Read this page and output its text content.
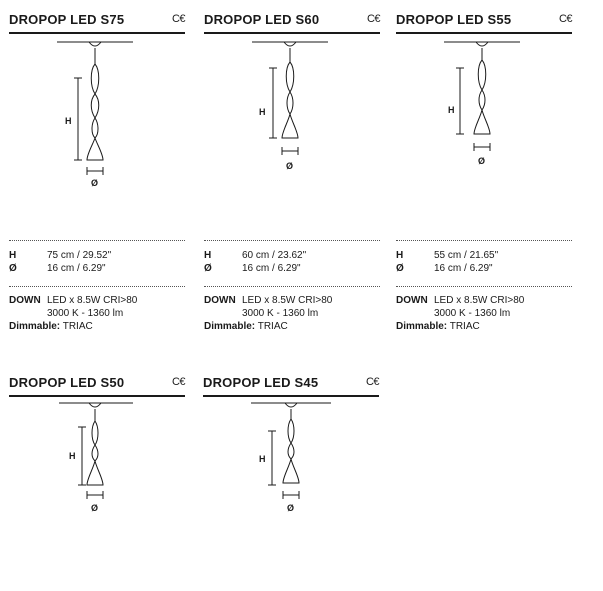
DROPOP LED S75	C€
H
Ø
H	75 cm / 29.52"
Ø	16 cm / 6.29"
DOWN LED x 8.5W CRI>80
3000 K - 1360 lm
Dimmable: TRIAC
DROPOP LED S60	C€
H
Ø
H	60 cm / 23.62"
Ø	16 cm / 6.29"
DOWN LED x 8.5W CRI>80
3000 K - 1360 lm
Dimmable: TRIAC
DROPOP LED S55	C€
H
Ø
H	55 cm / 21.65"
Ø	16 cm / 6.29"
DOWN LED x 8.5W CRI>80
3000 K - 1360 lm
Dimmable: TRIAC
DROPOP LED S50	C€
H
Ø
DROPOP LED S45	C€
H
Ø
